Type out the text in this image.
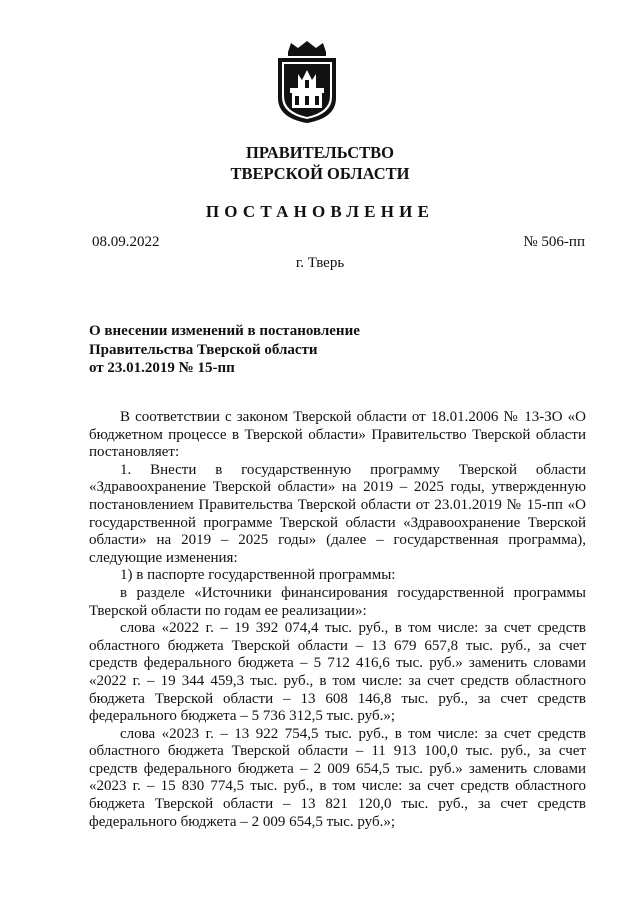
ПРАВИТЕЛЬСТВО
ТВЕРСКОЙ ОБЛАСТИ
ПОСТАНОВЛЕНИЕ
08.09.2022	№ 506-пп
г. Тверь
О внесении изменений в постановление
Правительства Тверской области
от 23.01.2019 № 15-пп

В соответствии с законом Тверской области от 18.01.2006 № 13-ЗО «О бюджетном процессе в Тверской области» Правительство Тверской области постановляет:

1. Внести в государственную программу Тверской области «Здравоохранение Тверской области» на 2019 – 2025 годы, утвержденную постановлением Правительства Тверской области от 23.01.2019 № 15-пп «О государственной программе Тверской области «Здравоохранение Тверской области» на 2019 – 2025 годы» (далее – государственная программа), следующие изменения:

1) в паспорте государственной программы:

в разделе «Источники финансирования государственной программы Тверской области по годам ее реализации»:

слова «2022 г. – 19 392 074,4 тыс. руб., в том числе: за счет средств областного бюджета Тверской области – 13 679 657,8 тыс. руб., за счет средств федерального бюджета – 5 712 416,6 тыс. руб.» заменить словами «2022 г. – 19 344 459,3 тыс. руб., в том числе: за счет средств областного бюджета Тверской области – 13 608 146,8 тыс. руб., за счет средств федерального бюджета – 5 736 312,5 тыс. руб.»;

слова «2023 г. – 13 922 754,5 тыс. руб., в том числе: за счет средств областного бюджета Тверской области – 11 913 100,0 тыс. руб., за счет средств федерального бюджета – 2 009 654,5 тыс. руб.» заменить словами «2023 г. – 15 830 774,5 тыс. руб., в том числе: за счет средств областного бюджета Тверской области – 13 821 120,0 тыс. руб., за счет средств федерального бюджета – 2 009 654,5 тыс. руб.»;
